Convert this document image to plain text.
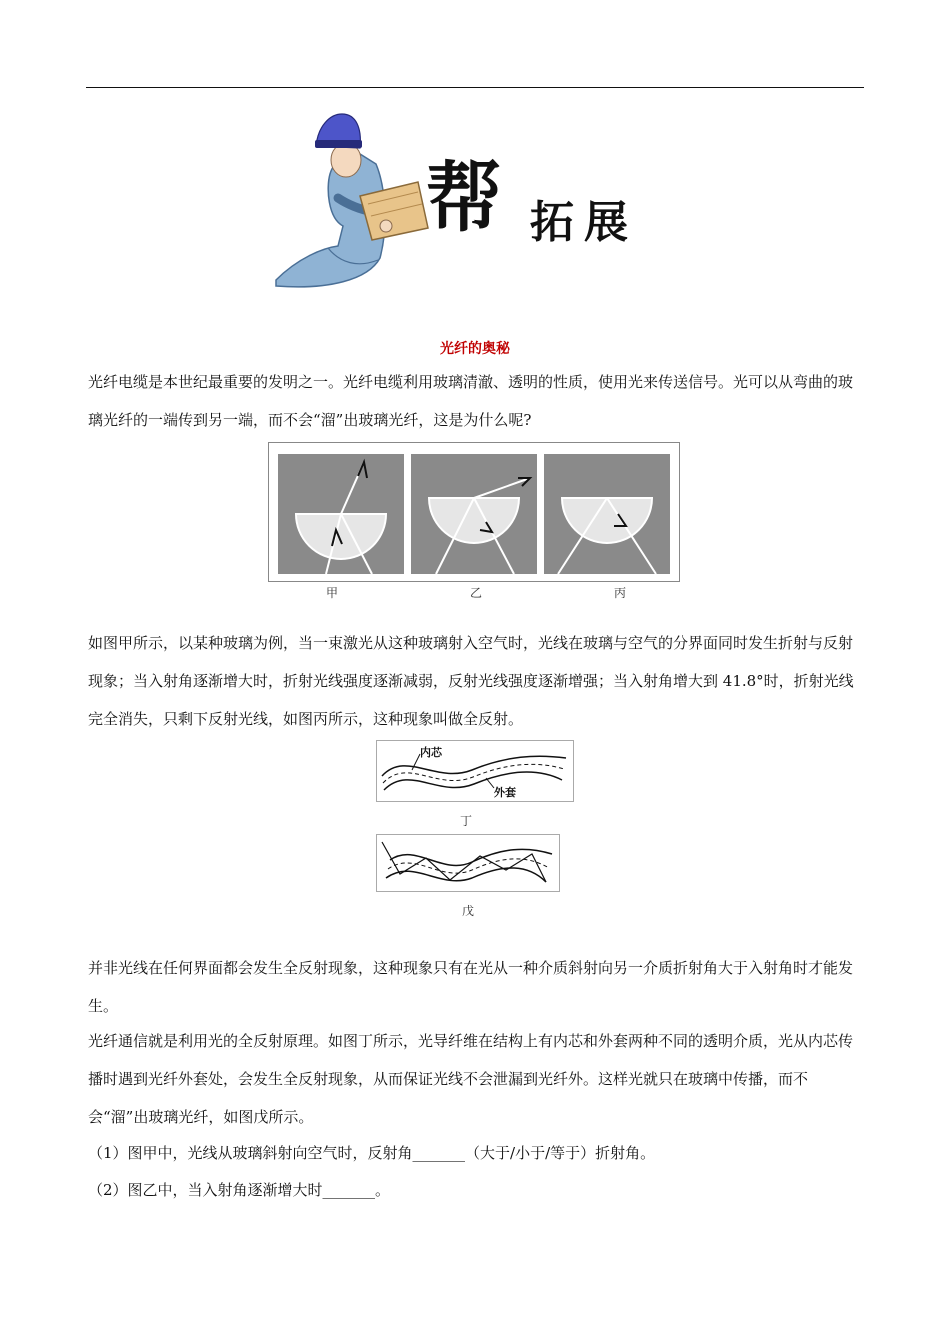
帮 拓展
光纤的奥秘

光纤电缆是本世纪最重要的发明之一。光纤电缆利用玻璃清澈、透明的性质，使用光来传送信号。光可以从弯曲的玻璃光纤的一端传到另一端，而不会“溜”出玻璃光纤，这是为什么呢?

甲	乙	丙

如图甲所示，以某种玻璃为例，当一束激光从这种玻璃射入空气时，光线在玻璃与空气的分界面同时发生折射与反射现象；当入射角逐渐增大时，折射光线强度逐渐减弱，反射光线强度逐渐增强；当入射角增大到 41.8°时，折射光线完全消失，只剩下反射光线，如图丙所示，这种现象叫做全反射。

内芯
外套
丁
戊

并非光线在任何界面都会发生全反射现象，这种现象只有在光从一种介质斜射向另一介质折射角大于入射角时才能发生。

光纤通信就是利用光的全反射原理。如图丁所示，光导纤维在结构上有内芯和外套两种不同的透明介质，光从内芯传播时遇到光纤外套处，会发生全反射现象，从而保证光线不会泄漏到光纤外。这样光就只在玻璃中传播，而不会“溜”出玻璃光纤，如图戊所示。

（1）图甲中，光线从玻璃斜射向空气时，反射角_______（大于/小于/等于）折射角。

（2）图乙中，当入射角逐渐增大时_______。
